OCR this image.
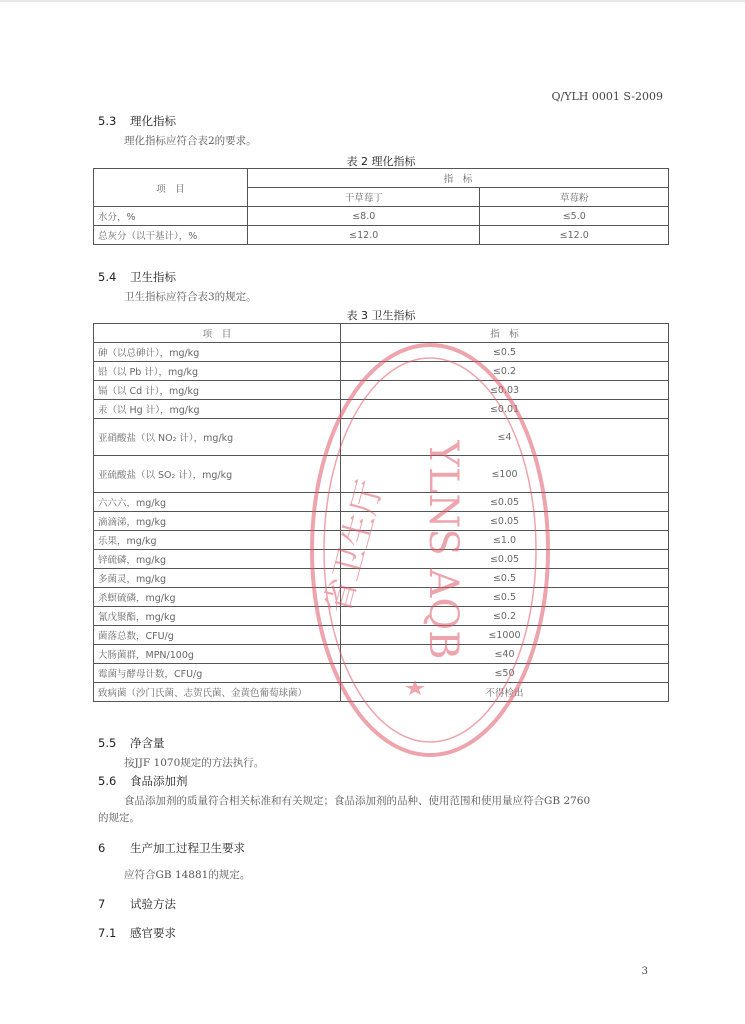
Q/YLH 0001 S-2009
5.3 理化指标
理化指标应符合表2的要求。
表 2 理化指标
项　目	指　标	
	干草莓丁	草莓粉
水分，%	≤8.0	≤5.0
总灰分（以干基计），%	≤12.0	≤12.0
5.4 卫生指标
卫生指标应符合表3的规定。
表 3 卫生指标
项　目	指　标
砷（以总砷计），mg/kg	≤0.5
铅（以 Pb 计），mg/kg	≤0.2
镉（以 Cd 计），mg/kg	≤0.03
汞（以 Hg 计），mg/kg	≤0.01
亚硝酸盐（以 NO₂ 计），mg/kg	≤4
亚硫酸盐（以 SO₂ 计），mg/kg	≤100
六六六，mg/kg	≤0.05
滴滴涕，mg/kg	≤0.05
乐果，mg/kg	≤1.0
锌硫磷，mg/kg	≤0.05
多菌灵，mg/kg	≤0.5
杀螟硫磷，mg/kg	≤0.5
氰戊聚酯，mg/kg	≤0.2
菌落总数，CFU/g	≤1000
大肠菌群，MPN/100g	≤40
霉菌与酵母计数，CFU/g	≤50
致病菌（沙门氏菌、志贺氏菌、金黄色葡萄球菌）	不得检出
5.5 净含量
按JJF 1070规定的方法执行。
5.6 食品添加剂
食品添加剂的质量符合相关标准和有关规定；食品添加剂的品种、使用范围和使用量应符合GB 2760
的规定。
6 生产加工过程卫生要求
应符合GB 14881的规定。
7 试验方法
7.1 感官要求
3
YLNS AQB
省卫生厅
